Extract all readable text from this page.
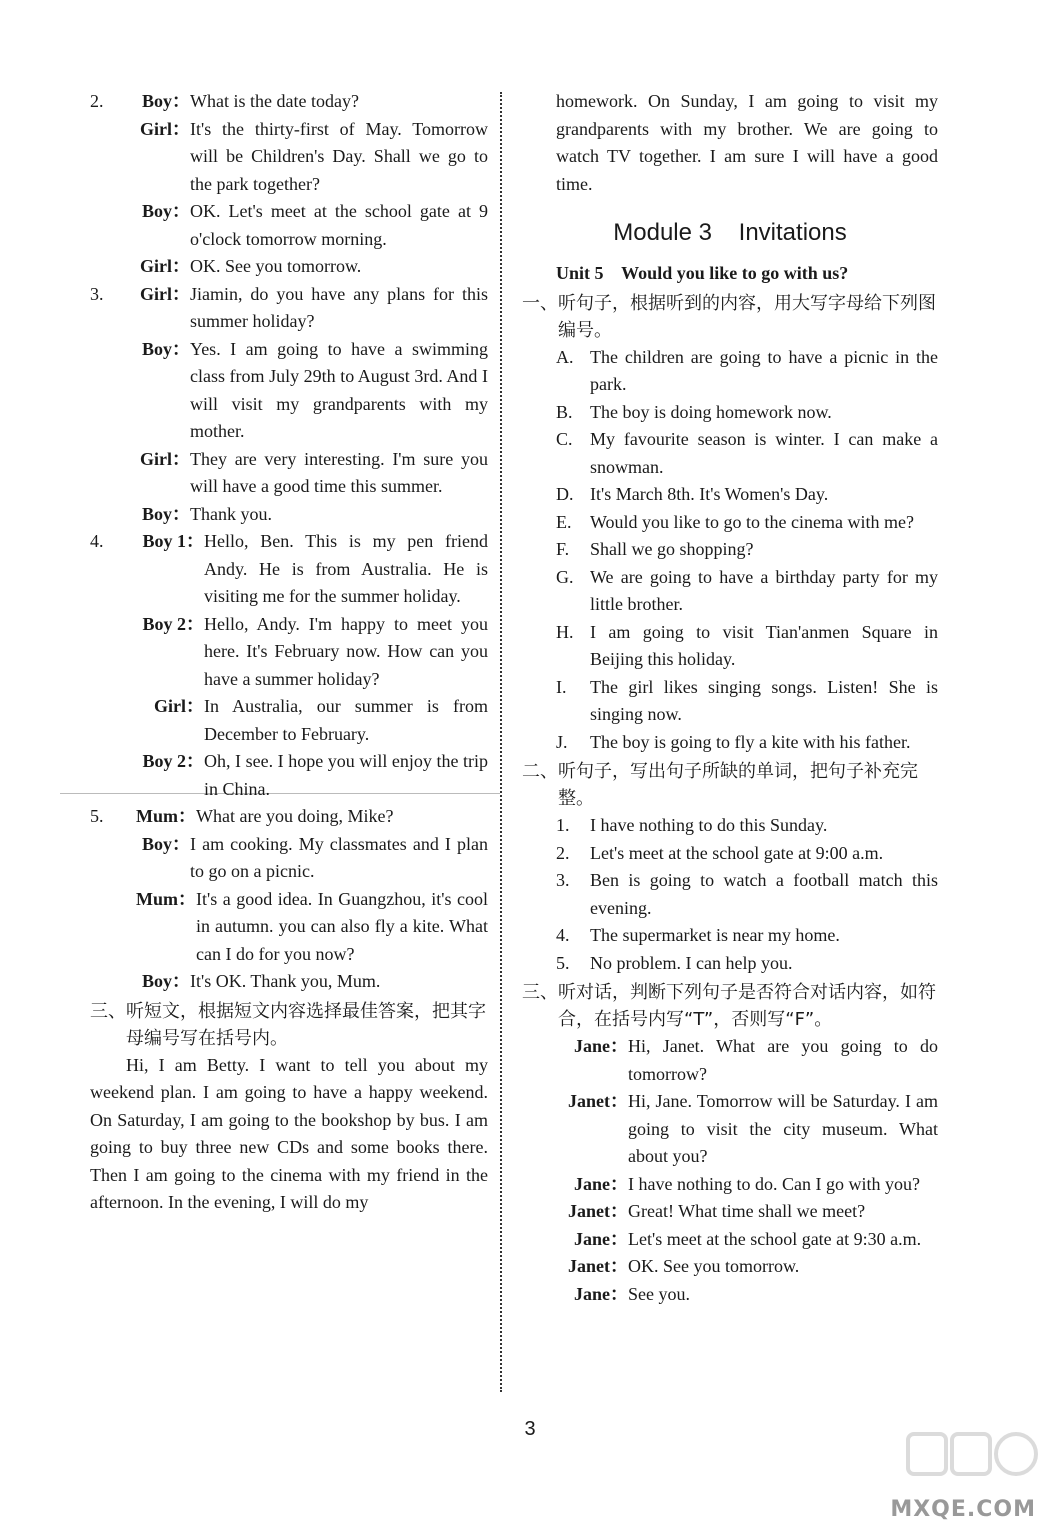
2.	Boy： What is the date today?
Girl： It's the thirty-first of May. Tomorrow will be Children's Day. Shall we go to the park together?
Boy： OK. Let's meet at the school gate at 9 o'clock tomorrow morning.
Girl： OK. See you tomorrow.
3.	Girl： Jiamin, do you have any plans for this summer holiday?
Boy： Yes. I am going to have a swimming class from July 29th to August 3rd. And I will visit my grandparents with my mother.
Girl： They are very interesting. I'm sure you will have a good time this summer.
Boy： Thank you.
4.	Boy 1： Hello, Ben. This is my pen friend Andy. He is from Australia. He is visiting me for the summer holiday.
Boy 2： Hello, Andy. I'm happy to meet you here. It's February now. How can you have a summer holiday?
Girl： In Australia, our summer is from December to February.
Boy 2： Oh, I see. I hope you will enjoy the trip in China.
5.	Mum： What are you doing, Mike?
Boy： I am cooking. My classmates and I plan to go on a picnic.
Mum： It's a good idea. In Guangzhou, it's cool in autumn. you can also fly a kite. What can I do for you now?
Boy： It's OK. Thank you, Mum.
三、 听短文，根据短文内容选择最佳答案，把其字母编号写在括号内。
Hi, I am Betty. I want to tell you about my weekend plan. I am going to have a happy weekend. On Saturday, I am going to the bookshop by bus. I am going to buy three new CDs and some books there. Then I am going to the cinema with my friend in the afternoon. In the evening, I will do my
homework. On Sunday, I am going to visit my grandparents with my brother. We are going to watch TV together. I am sure I will have a good time.
Module 3    Invitations
Unit 5    Would you like to go with us?
一、 听句子，根据听到的内容，用大写字母给下列图编号。
A. The children are going to have a picnic in the park.
B. The boy is doing homework now.
C. My favourite season is winter. I can make a snowman.
D. It's March 8th. It's Women's Day.
E.	Would you like to go to the cinema with me?
F.	Shall we go shopping?
G. We are going to have a birthday party for my little brother.
H. I am going to visit Tian'anmen Square in Beijing this holiday.
I.	The girl likes singing songs. Listen! She is singing now.
J.	The boy is going to fly a kite with his father.
二、 听句子，写出句子所缺的单词，把句子补充完整。
1.	I have nothing to do this Sunday.
2.	Let's meet at the school gate at 9:00 a.m.
3.	Ben is going to watch a football match this evening.
4.	The supermarket is near my home.
5.	No problem. I can help you.
三、 听对话，判断下列句子是否符合对话内容，如符合，在括号内写“T”，否则写“F”。
Jane： Hi, Janet. What are you going to do tomorrow?
Janet： Hi, Jane. Tomorrow will be Saturday. I am going to visit the city museum. What about you?
Jane： I have nothing to do. Can I go with you?
Janet： Great! What time shall we meet?
Jane： Let's meet at the school gate at 9:30 a.m.
Janet： OK. See you tomorrow.
Jane： See you.
3
MXQE.COM
